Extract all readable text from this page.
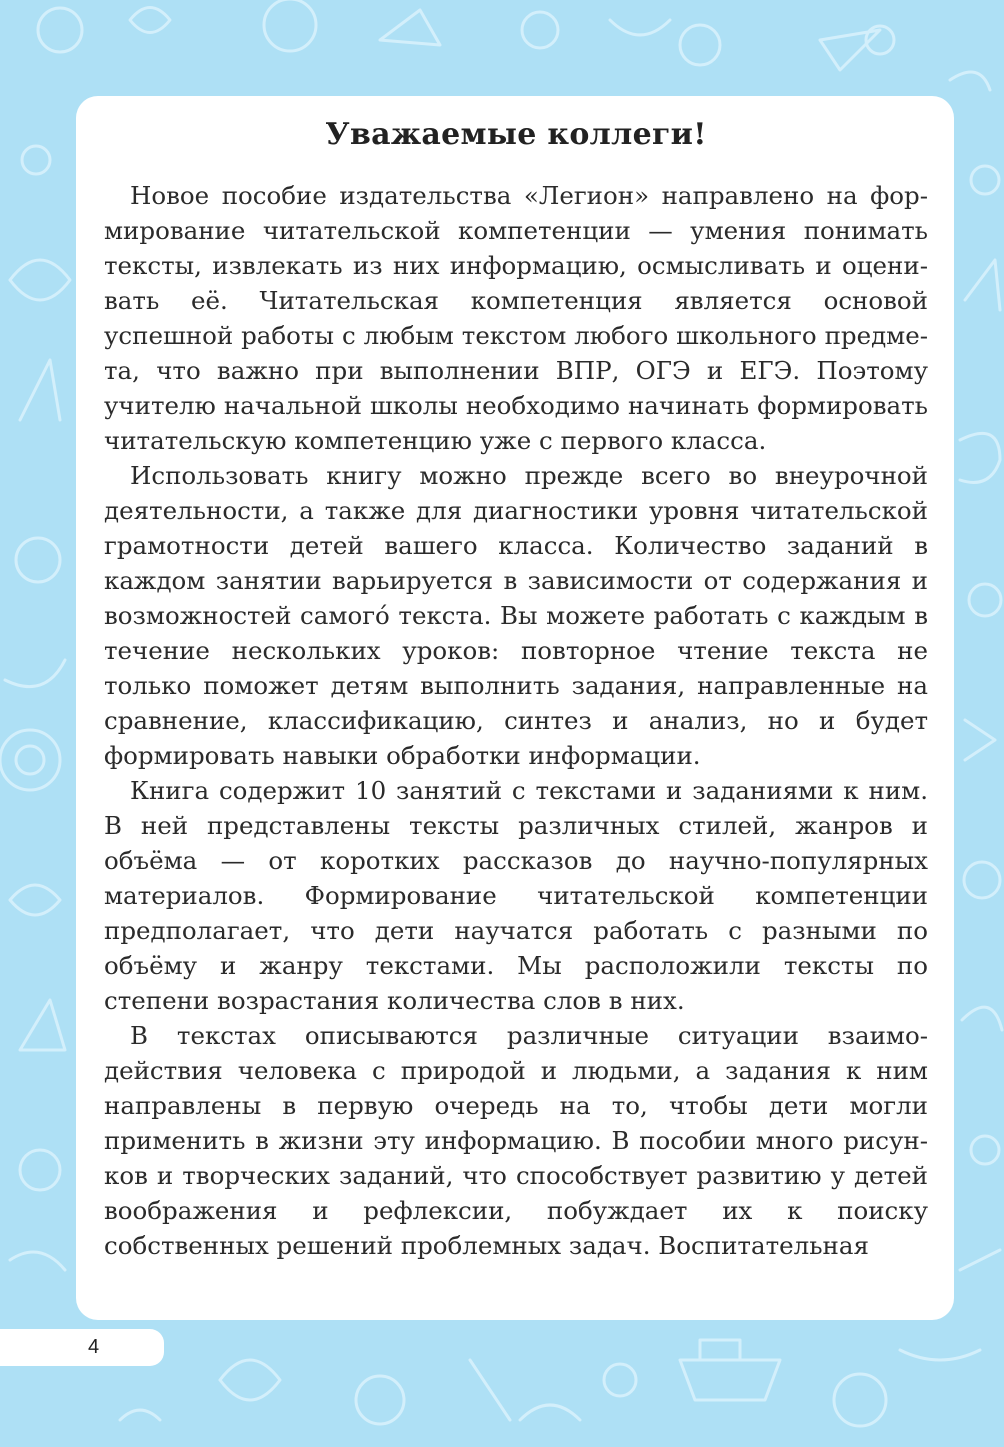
Уважаемые коллеги!

Новое пособие издательства «Легион» направлено на формирование читательской компетенции — умения понимать тексты, извлекать из них информацию, осмысливать и оценивать её. Читательская компетенция является основой успешной работы с любым текстом любого школьного предмета, что важно при выполнении ВПР, ОГЭ и ЕГЭ. Поэтому учителю начальной школы необходимо начинать формировать читательскую компетенцию уже с первого класса.

Использовать книгу можно прежде всего во внеурочной деятельности, а также для диагностики уровня читательской грамотности детей вашего класса. Количество заданий в каждом занятии варьируется в зависимости от содержания и возможностей самого́ текста. Вы можете работать с каждым в течение нескольких уроков: повторное чтение текста не только поможет детям выполнить задания, направленные на сравнение, классификацию, синтез и анализ, но и будет формировать навыки обработки информации.

Книга содержит 10 занятий с текстами и заданиями к ним. В ней представлены тексты различных стилей, жанров и объёма — от коротких рассказов до научно-популярных материалов. Формирование читательской компетенции предполагает, что дети научатся работать с разными по объёму и жанру текстами. Мы расположили тексты по степени возрастания количества слов в них.

В текстах описываются различные ситуации взаимодействия человека с природой и людьми, а задания к ним направлены в первую очередь на то, чтобы дети могли применить в жизни эту информацию. В пособии много рисунков и творческих заданий, что способствует развитию у детей воображения и рефлексии, побуждает их к поиску собственных решений проблемных задач. Воспитательная

4
